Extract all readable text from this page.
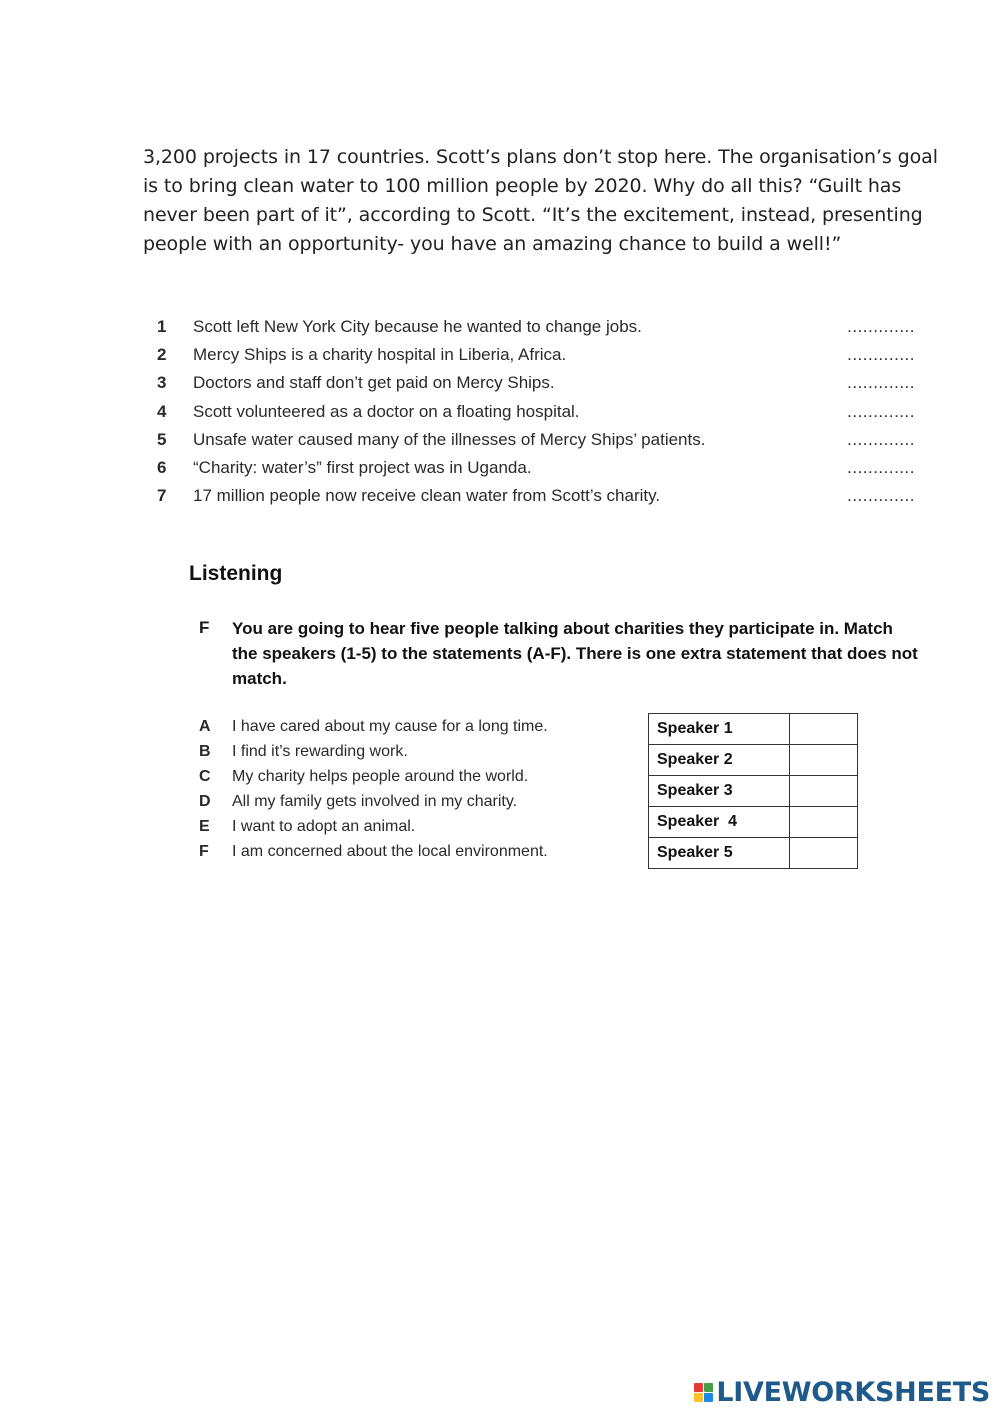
3,200 projects in 17 countries. Scott’s plans don’t stop here. The organisation’s goal is to bring clean water to 100 million people by 2020. Why do all this? “Guilt has never been part of it”, according to Scott. “It’s the excitement, instead, presenting people with an opportunity- you have an amazing chance to build a well!”
1 Scott left New York City because he wanted to change jobs.	.............
2 Mercy Ships is a charity hospital in Liberia, Africa.	.............
3 Doctors and staff don’t get paid on Mercy Ships.	.............
4 Scott volunteered as a doctor on a floating hospital.	.............
5 Unsafe water caused many of the illnesses of Mercy Ships’ patients.	.............
6 “Charity: water’s” first project was in Uganda.	.............
7 17 million people now receive clean water from Scott’s charity.	.............
Listening
F You are going to hear five people talking about charities they participate in. Match the speakers (1-5) to the statements (A-F). There is one extra statement that does not match.
A I have cared about my cause for a long time.
B I find it’s rewarding work.
C My charity helps people around the world.
D All my family gets involved in my charity.
E I want to adopt an animal.
F I am concerned about the local environment.
Speaker 1	
Speaker 2	
Speaker 3	
Speaker  4	
Speaker 5	
LIVEWORKSHEETS
